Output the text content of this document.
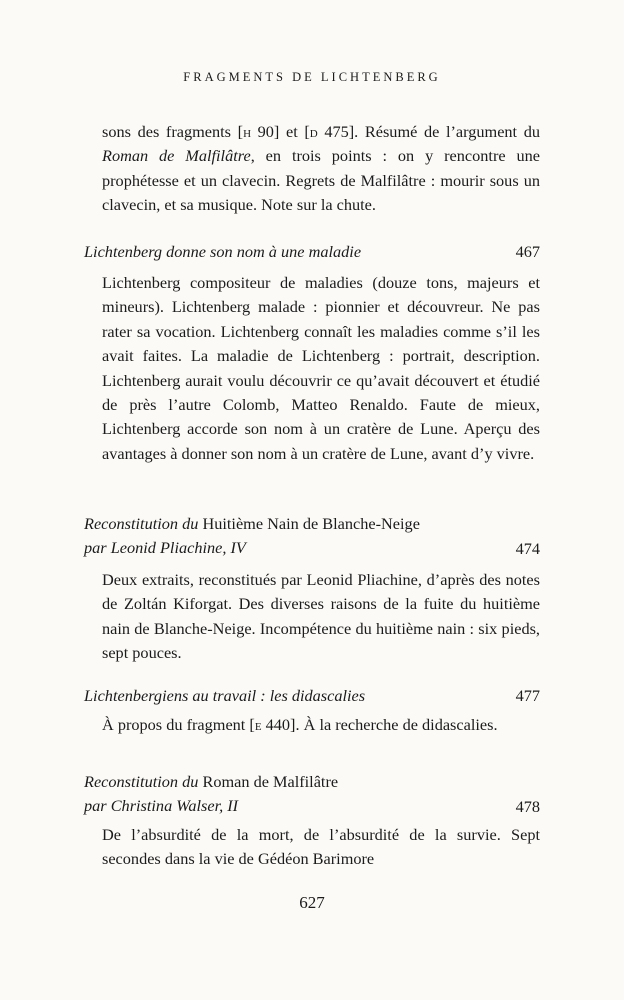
FRAGMENTS DE LICHTENBERG
sons des fragments [h 90] et [d 475]. Résumé de l’argument du Roman de Malfilâtre, en trois points : on y rencontre une prophétesse et un clavecin. Regrets de Malfilâtre : mourir sous un clavecin, et sa musique. Note sur la chute.
Lichtenberg donne son nom à une maladie	467
Lichtenberg compositeur de maladies (douze tons, majeurs et mineurs). Lichtenberg malade : pionnier et découvreur. Ne pas rater sa vocation. Lichtenberg connaît les maladies comme s’il les avait faites. La maladie de Lichtenberg : portrait, description. Lichtenberg aurait voulu découvrir ce qu’avait découvert et étudié de près l’autre Colomb, Matteo Renaldo. Faute de mieux, Lichtenberg accorde son nom à un cratère de Lune. Aperçu des avantages à donner son nom à un cratère de Lune, avant d’y vivre.
Reconstitution du Huitième Nain de Blanche-Neige
par Leonid Pliachine, IV	474
Deux extraits, reconstitués par Leonid Pliachine, d’après des notes de Zoltán Kiforgat. Des diverses raisons de la fuite du huitième nain de Blanche-Neige. Incompétence du huitième nain : six pieds, sept pouces.
Lichtenbergiens au travail : les didascalies	477
À propos du fragment [e 440]. À la recherche de didascalies.
Reconstitution du Roman de Malfilâtre
par Christina Walser, II	478
De l’absurdité de la mort, de l’absurdité de la survie. Sept secondes dans la vie de Gédéon Barimore
627
